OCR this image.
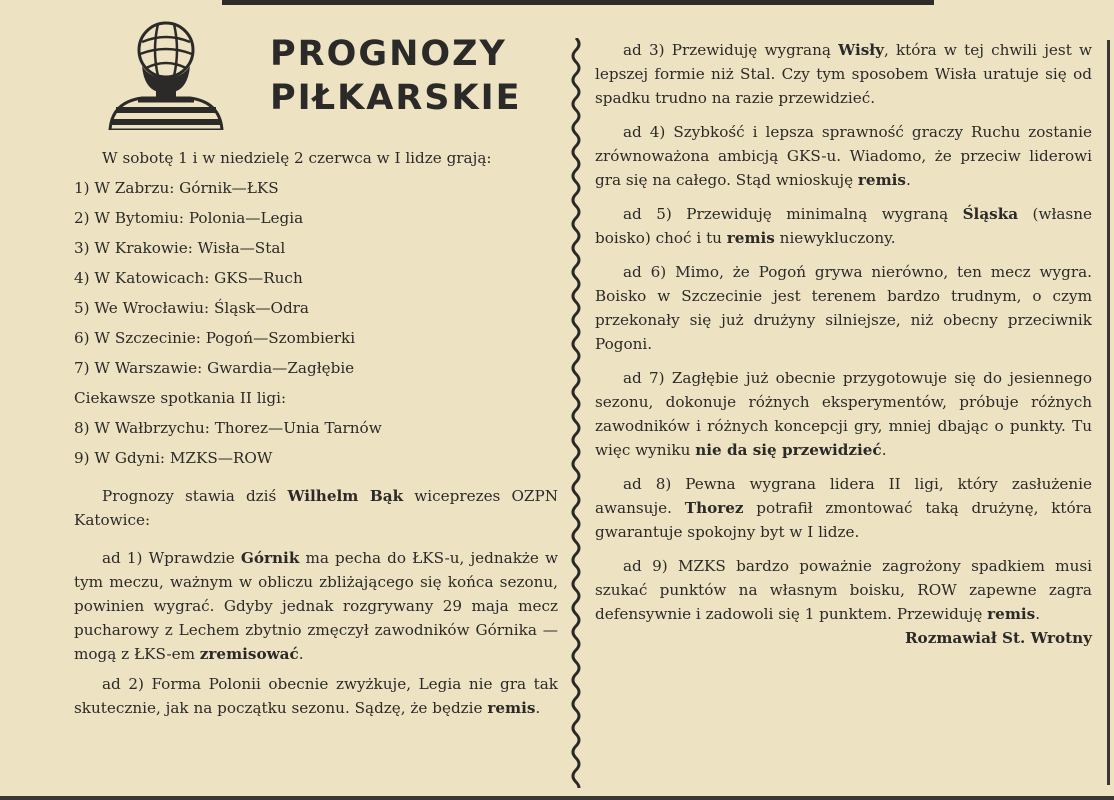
PROGNOZY
PIŁKARSKIE

W sobotę 1 i w niedzielę 2 czerwca w I lidze grają:

1) W Zabrzu: Górnik—ŁKS
2) W Bytomiu: Polonia—Legia
3) W Krakowie: Wisła—Stal
4) W Katowicach: GKS—Ruch
5) We Wrocławiu: Śląsk—Odra
6) W Szczecinie: Pogoń—Szombierki
7) W Warszawie: Gwardia—Zagłębie
Ciekawsze spotkania II ligi:
8) W Wałbrzychu: Thorez—Unia Tarnów
9) W Gdyni: MZKS—ROW

Prognozy stawia dziś Wilhelm Bąk wiceprezes OZPN Katowice:

ad 1) Wprawdzie Górnik ma pecha do ŁKS-u, jednakże w tym meczu, ważnym w obliczu zbliżającego się końca sezonu, powinien wygrać. Gdyby jednak rozgrywany 29 maja mecz pucharowy z Lechem zbytnio zmęczył zawodników Górnika — mogą z ŁKS-em zremisować.

ad 2) Forma Polonii obecnie zwyżkuje, Legia nie gra tak skutecznie, jak na początku sezonu. Sądzę, że będzie remis.

ad 3) Przewiduję wygraną Wisły, która w tej chwili jest w lepszej formie niż Stal. Czy tym sposobem Wisła uratuje się od spadku trudno na razie przewidzieć.

ad 4) Szybkość i lepsza sprawność graczy Ruchu zostanie zrównoważona ambicją GKS-u. Wiadomo, że przeciw liderowi gra się na całego. Stąd wnioskuję remis.

ad 5) Przewiduję minimalną wygraną Śląska (własne boisko) choć i tu remis niewykluczony.

ad 6) Mimo, że Pogoń grywa nierówno, ten mecz wygra. Boisko w Szczecinie jest terenem bardzo trudnym, o czym przekonały się już drużyny silniejsze, niż obecny przeciwnik Pogoni.

ad 7) Zagłębie już obecnie przygotowuje się do jesiennego sezonu, dokonuje różnych eksperymentów, próbuje różnych zawodników i różnych koncepcji gry, mniej dbając o punkty. Tu więc wyniku nie da się przewidzieć.

ad 8) Pewna wygrana lidera II ligi, który zasłużenie awansuje. Thorez potrafił zmontować taką drużynę, która gwarantuje spokojny byt w I lidze.

ad 9) MZKS bardzo poważnie zagrożony spadkiem musi szukać punktów na własnym boisku, ROW zapewne zagra defensywnie i zadowoli się 1 punktem. Przewiduję remis.

Rozmawiał St. Wrotny
